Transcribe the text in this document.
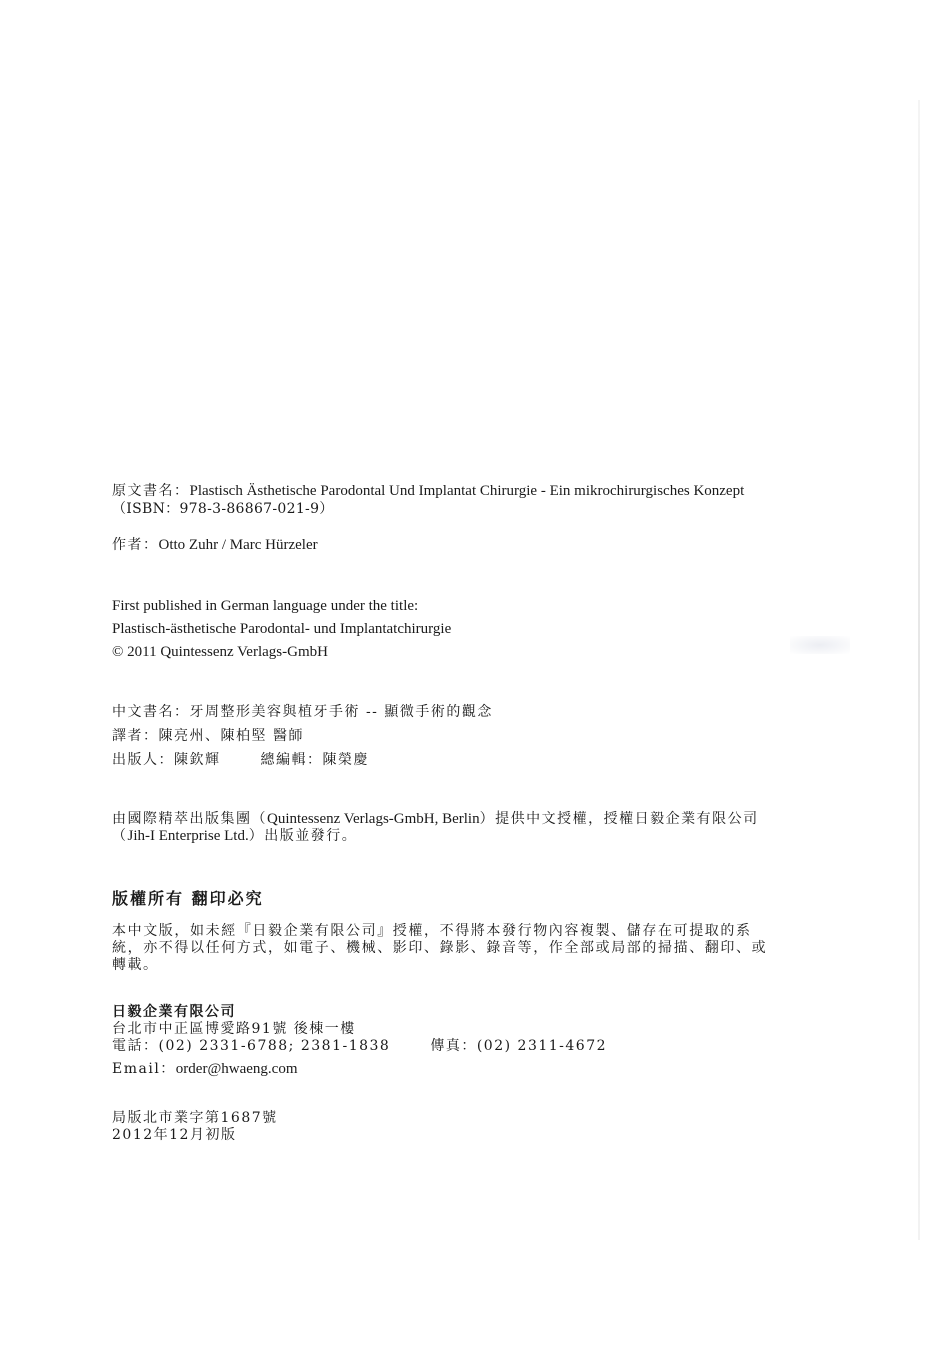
原文書名：Plastisch Ästhetische Parodontal Und Implantat Chirurgie - Ein mikrochirurgisches Konzept
（ISBN：978-3-86867-021-9）
作者：Otto Zuhr / Marc Hürzeler
First published in German language under the title:
Plastisch-ästhetische Parodontal- und Implantatchirurgie
© 2011 Quintessenz Verlags-GmbH
中文書名：牙周整形美容與植牙手術 -- 顯微手術的觀念
譯者：陳亮州、陳柏堅 醫師
出版人：陳欽輝	總編輯：陳榮慶
由國際精萃出版集團（Quintessenz Verlags-GmbH, Berlin）提供中文授權，授權日毅企業有限公司
（Jih-I Enterprise Ltd.）出版並發行。
版權所有 翻印必究
本中文版，如未經『日毅企業有限公司』授權，不得將本發行物內容複製、儲存在可提取的系
統，亦不得以任何方式，如電子、機械、影印、錄影、錄音等，作全部或局部的掃描、翻印、或
轉載。
日毅企業有限公司
台北市中正區博愛路91號 後棟一樓
電話：(02) 2331-6788; 2381-1838	傳真：(02) 2311-4672
Email：order@hwaeng.com
局版北市業字第1687號
2012年12月初版
